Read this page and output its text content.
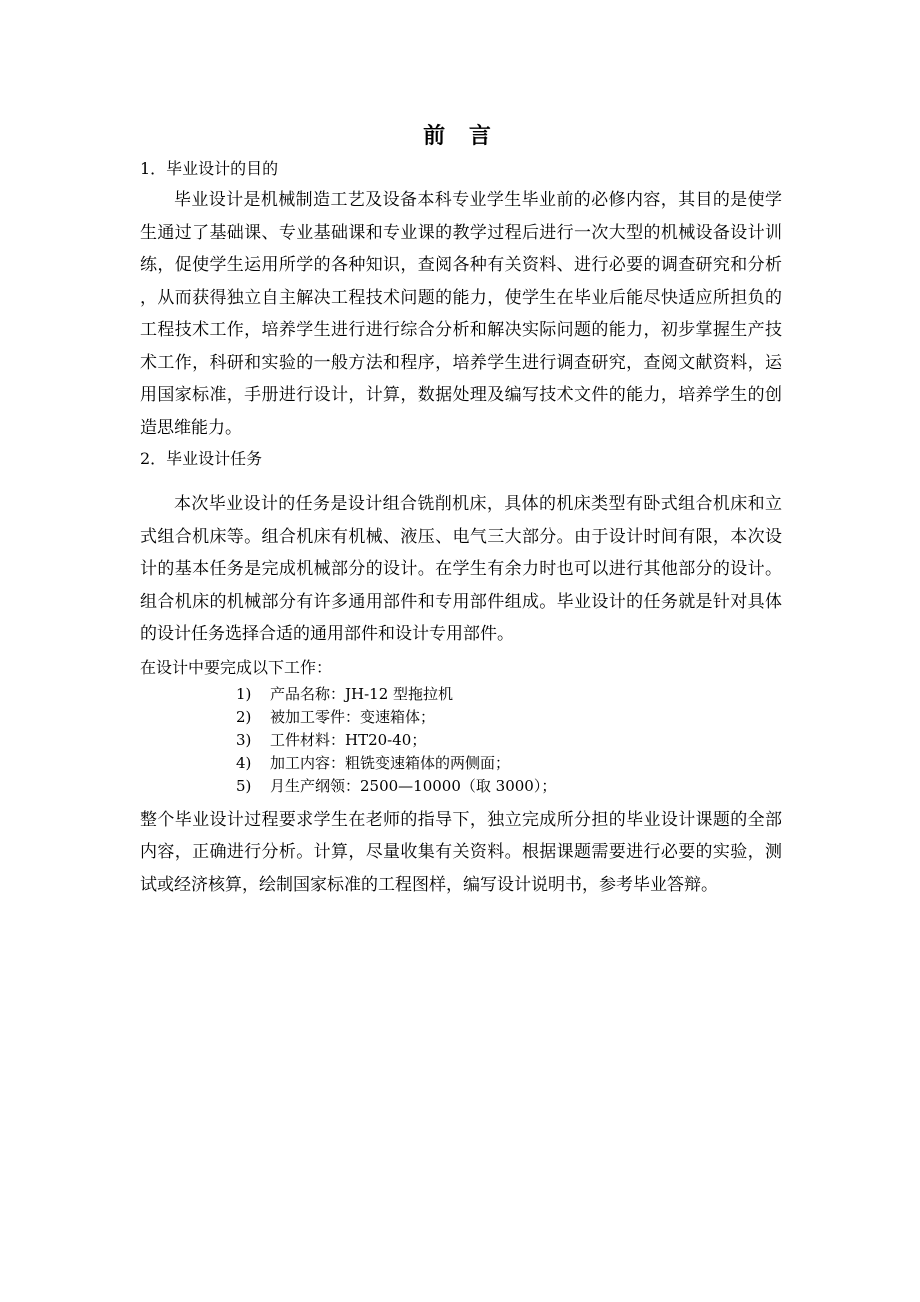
前 言
1．毕业设计的目的

毕业设计是机械制造工艺及设备本科专业学生毕业前的必修内容，其目的是使学生通过了基础课、专业基础课和专业课的教学过程后进行一次大型的机械设备设计训练，促使学生运用所学的各种知识，查阅各种有关资料、进行必要的调查研究和分析，从而获得独立自主解决工程技术问题的能力，使学生在毕业后能尽快适应所担负的工程技术工作，培养学生进行进行综合分析和解决实际问题的能力，初步掌握生产技术工作，科研和实验的一般方法和程序，培养学生进行调查研究，查阅文献资料，运用国家标准，手册进行设计，计算，数据处理及编写技术文件的能力，培养学生的创造思维能力。

2．毕业设计任务

本次毕业设计的任务是设计组合铣削机床，具体的机床类型有卧式组合机床和立式组合机床等。组合机床有机械、液压、电气三大部分。由于设计时间有限，本次设计的基本任务是完成机械部分的设计。在学生有余力时也可以进行其他部分的设计。组合机床的机械部分有许多通用部件和专用部件组成。毕业设计的任务就是针对具体的设计任务选择合适的通用部件和设计专用部件。

在设计中要完成以下工作：
1)	产品名称：JH-12 型拖拉机
2)	被加工零件：变速箱体；
3)	工件材料：HT20-40；
4)	加工内容：粗铣变速箱体的两侧面；
5)	月生产纲领：2500—10000（取 3000）；

整个毕业设计过程要求学生在老师的指导下，独立完成所分担的毕业设计课题的全部内容，正确进行分析。计算，尽量收集有关资料。根据课题需要进行必要的实验，测试或经济核算，绘制国家标准的工程图样，编写设计说明书，参考毕业答辩。
